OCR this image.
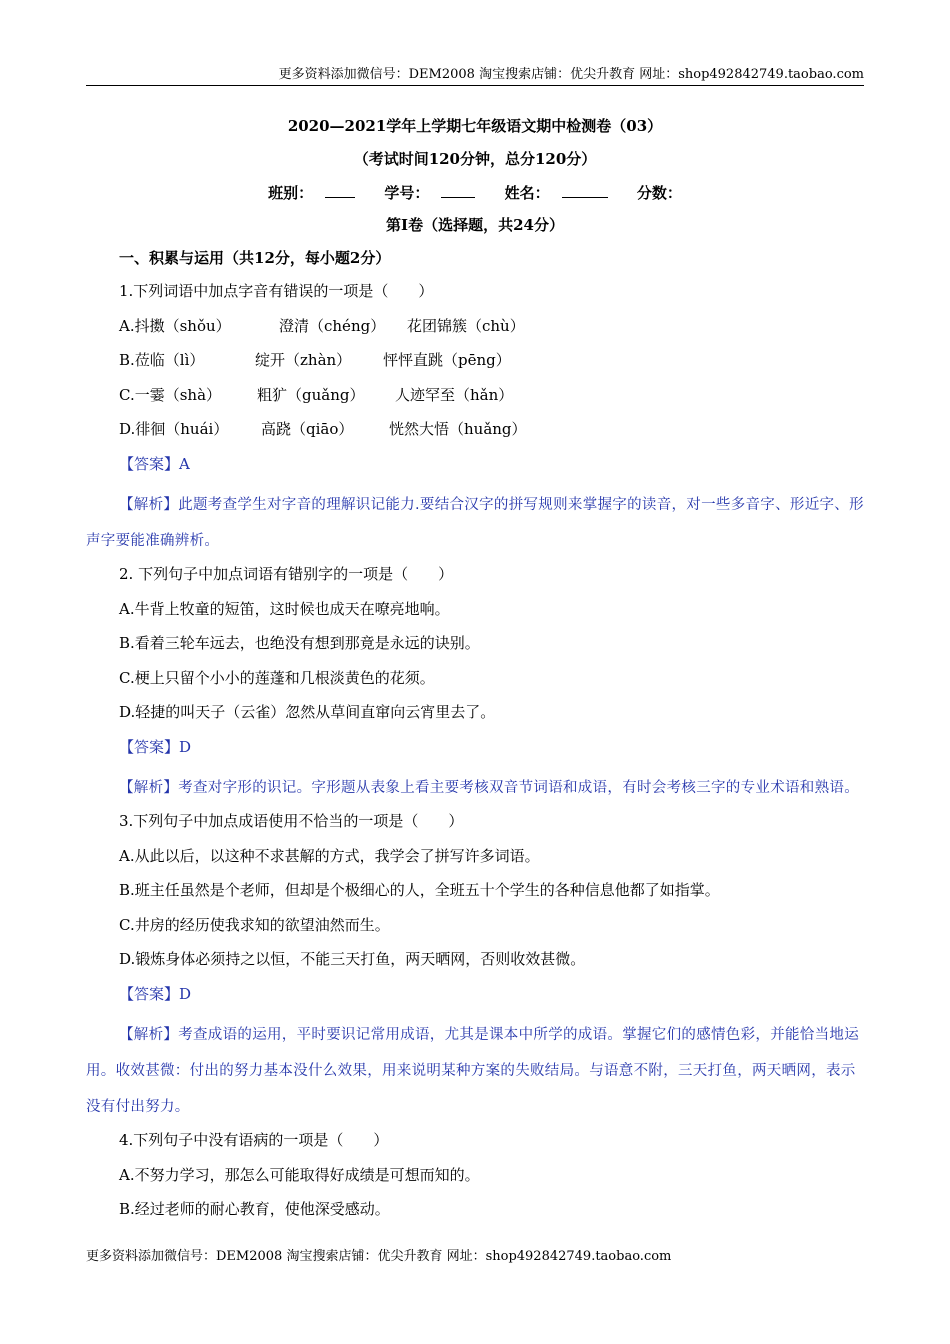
更多资料添加微信号：DEM2008 淘宝搜索店铺：优尖升教育 网址：shop492842749.taobao.com
2020—2021学年上学期七年级语文期中检测卷（03）
（考试时间120分钟，总分120分）
班别：	学号：	姓名：	分数：
第Ⅰ卷（选择题，共24分）
一、积累与运用（共12分，每小题2分）
1.下列词语中加点字音有错误的一项是（　　）
A.抖擞（shǒu）	澄清（chéng） 花团锦簇（chù）
B.莅临（lì）	绽开（zhàn） 怦怦直跳（pēng）
C.一霎（shà） 粗犷（guǎng） 人迹罕至（hǎn）
D.徘徊（huái） 高跷（qiāo） 恍然大悟（huǎng）
【答案】A
【解析】此题考查学生对字音的理解识记能力.要结合汉字的拼写规则来掌握字的读音，对一些多音字、形近字、形声字要能准确辨析。
2. 下列句子中加点词语有错别字的一项是（　　）
A.牛背上牧童的短笛，这时候也成天在嘹亮地响。
B.看着三轮车远去，也绝没有想到那竟是永远的诀别。
C.梗上只留个小小的莲蓬和几根淡黄色的花须。
D.轻捷的叫天子（云雀）忽然从草间直窜向云宵里去了。
【答案】D
【解析】考查对字形的识记。字形题从表象上看主要考核双音节词语和成语，有时会考核三字的专业术语和熟语。
3.下列句子中加点成语使用不恰当的一项是（　　）
A.从此以后，以这种不求甚解的方式，我学会了拼写许多词语。
B.班主任虽然是个老师，但却是个极细心的人，全班五十个学生的各种信息他都了如指掌。
C.井房的经历使我求知的欲望油然而生。
D.锻炼身体必须持之以恒，不能三天打鱼，两天晒网，否则收效甚微。
【答案】D
【解析】考查成语的运用，平时要识记常用成语，尤其是课本中所学的成语。掌握它们的感情色彩，并能恰当地运用。收效甚微：付出的努力基本没什么效果，用来说明某种方案的失败结局。与语意不附，三天打鱼，两天晒网，表示没有付出努力。
4.下列句子中没有语病的一项是（　　）
A.不努力学习，那怎么可能取得好成绩是可想而知的。
B.经过老师的耐心教育，使他深受感动。
更多资料添加微信号：DEM2008 淘宝搜索店铺：优尖升教育 网址：shop492842749.taobao.com
